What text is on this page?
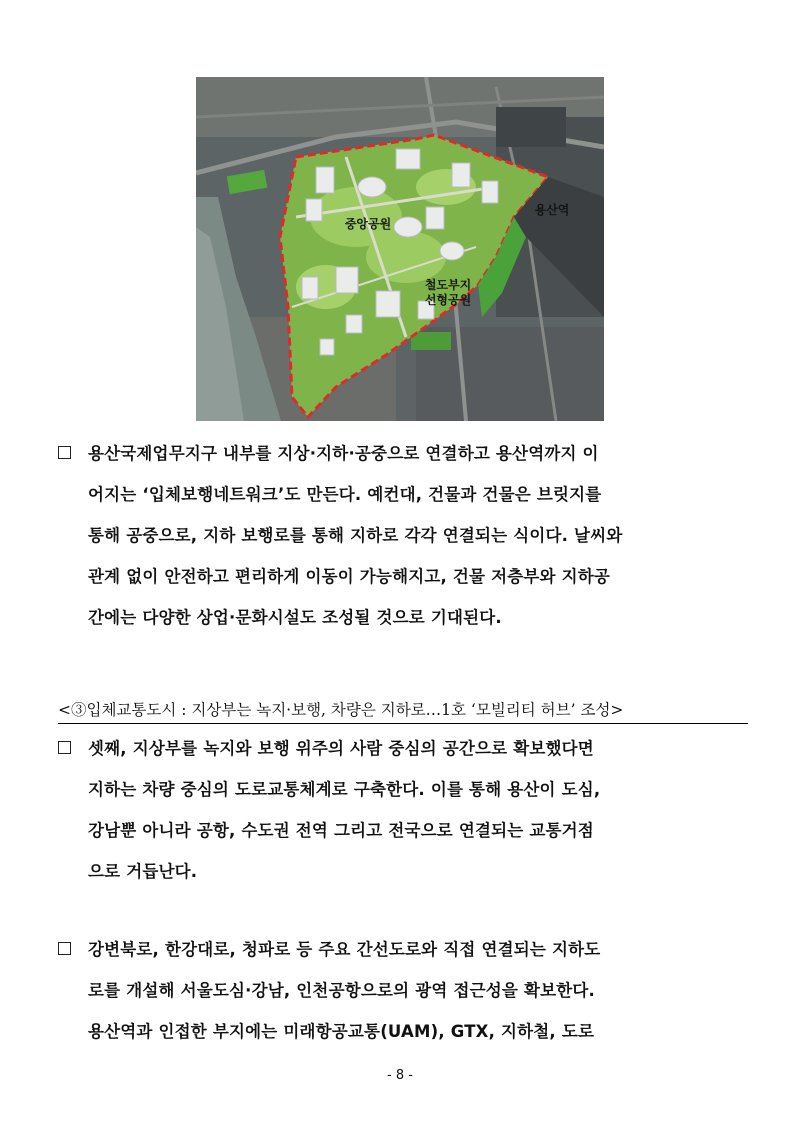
중앙공원
용산역
철도부지
선형공원
용산국제업무지구 내부를 지상·지하·공중으로 연결하고 용산역까지 이
어지는 ‘입체보행네트워크’도 만든다. 예컨대, 건물과 건물은 브릿지를
통해 공중으로, 지하 보행로를 통해 지하로 각각 연결되는 식이다. 날씨와
관계 없이 안전하고 편리하게 이동이 가능해지고, 건물 저층부와 지하공
간에는 다양한 상업·문화시설도 조성될 것으로 기대된다.
<③입체교통도시 : 지상부는 녹지·보행, 차량은 지하로…1호 ‘모빌리티 허브’ 조성>
셋째, 지상부를 녹지와 보행 위주의 사람 중심의 공간으로 확보했다면
지하는 차량 중심의 도로교통체계로 구축한다. 이를 통해 용산이 도심,
강남뿐 아니라 공항, 수도권 전역 그리고 전국으로 연결되는 교통거점
으로 거듭난다.
강변북로, 한강대로, 청파로 등 주요 간선도로와 직접 연결되는 지하도
로를 개설해 서울도심·강남, 인천공항으로의 광역 접근성을 확보한다.
용산역과 인접한 부지에는 미래항공교통(UAM), GTX, 지하철, 도로
- 8 -
